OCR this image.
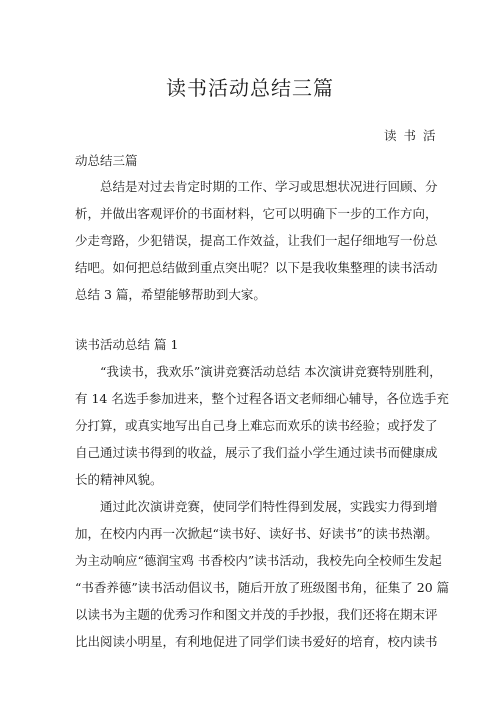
读书活动总结三篇
读书活
动总结三篇
总结是对过去肯定时期的工作、学习或思想状况进行回顾、分
析，并做出客观评价的书面材料，它可以明确下一步的工作方向，
少走弯路，少犯错误，提高工作效益，让我们一起仔细地写一份总
结吧。如何把总结做到重点突出呢？以下是我收集整理的读书活动
总结 3 篇，希望能够帮助到大家。
读书活动总结 篇 1
“我读书，我欢乐”演讲竞赛活动总结 本次演讲竞赛特别胜利，
有 14 名选手参加进来，整个过程各语文老师细心辅导，各位选手充
分打算，或真实地写出自己身上难忘而欢乐的读书经验；或抒发了
自己通过读书得到的收益，展示了我们益小学生通过读书而健康成
长的精神风貌。
通过此次演讲竞赛，使同学们特性得到发展，实践实力得到增
加，在校内内再一次掀起“读书好、读好书、好读书”的读书热潮。
为主动响应“德润宝鸡 书香校内”读书活动，我校先向全校师生发起
“书香养德”读书活动倡议书，随后开放了班级图书角，征集了 20 篇
以读书为主题的优秀习作和图文并茂的手抄报，我们还将在期末评
比出阅读小明星，有利地促进了同学们读书爱好的培育，校内读书
